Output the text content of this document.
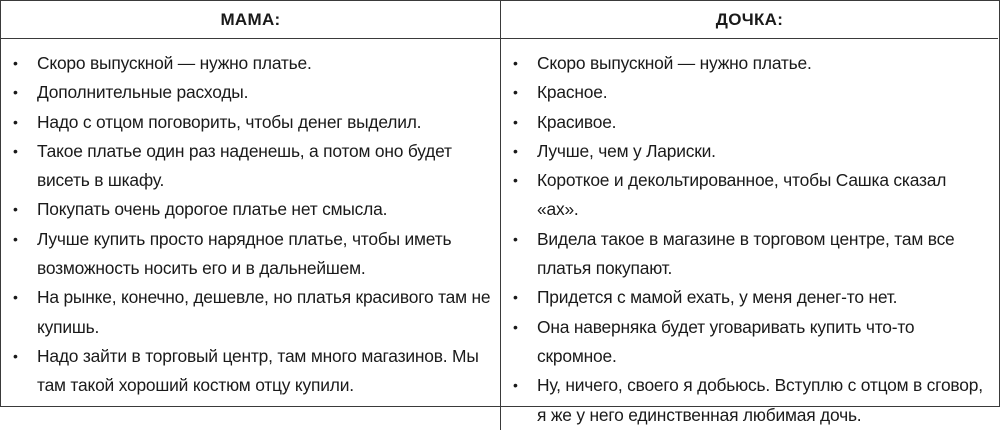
МАМА:	ДОЧКА:
• Скоро выпускной — нужно платье.
• Дополнительные расходы.
• Надо с отцом поговорить, чтобы денег выделил.
• Такое платье один раз наденешь, а потом оно будет висеть в шкафу.
• Покупать очень дорогое платье нет смысла.
• Лучше купить просто нарядное платье, чтобы иметь возможность носить его и в дальнейшем.
• На рынке, конечно, дешевле, но платья красивого там не купишь.
• Надо зайти в торговый центр, там много магазинов. Мы там такой хороший костюм отцу купили.
• Скоро выпускной — нужно платье.
• Красное.
• Красивое.
• Лучше, чем у Лариски.
• Короткое и декольтированное, чтобы Сашка сказал «ах».
• Видела такое в магазине в торговом центре, там все платья покупают.
• Придется с мамой ехать, у меня денег-то нет.
• Она наверняка будет уговаривать купить что-то скромное.
• Ну, ничего, своего я добьюсь. Вступлю с отцом в сговор, я же у него единственная любимая дочь.
